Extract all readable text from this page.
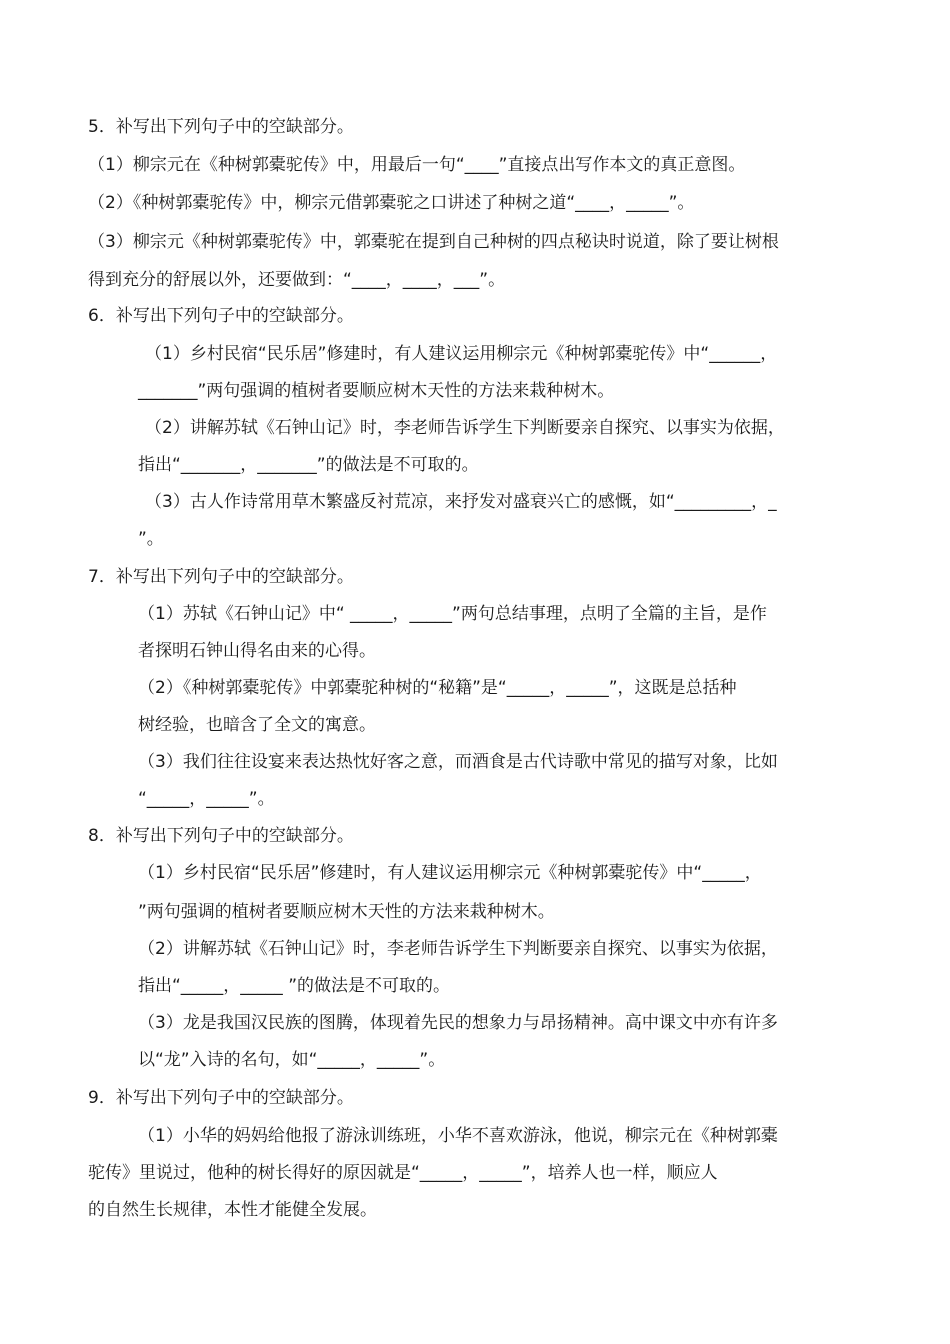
5．补写出下列句子中的空缺部分。
（1）柳宗元在《种树郭橐驼传》中，用最后一句“____”直接点出写作本文的真正意图。
（2）《种树郭橐驼传》中，柳宗元借郭橐驼之口讲述了种树之道“____，_____”。
（3）柳宗元《种树郭橐驼传》中，郭橐驼在提到自己种树的四点秘诀时说道，除了要让树根
得到充分的舒展以外，还要做到：“____，____，___”。
6．补写出下列句子中的空缺部分。
（1）乡村民宿“民乐居”修建时，有人建议运用柳宗元《种树郭橐驼传》中“______，
_______”两句强调的植树者要顺应树木天性的方法来栽种树木。
（2）讲解苏轼《石钟山记》时，李老师告诉学生下判断要亲自探究、以事实为依据，
指出“_______，_______”的做法是不可取的。
（3）古人作诗常用草木繁盛反衬荒凉，来抒发对盛衰兴亡的感慨，如“_________，_
”。
7．补写出下列句子中的空缺部分。
（1）苏轼《石钟山记》中“ _____，_____”两句总结事理，点明了全篇的主旨，是作
者探明石钟山得名由来的心得。
（2）《种树郭橐驼传》中郭橐驼种树的“秘籍”是“_____，_____”，这既是总括种
树经验，也暗含了全文的寓意。
（3）我们往往设宴来表达热忱好客之意，而酒食是古代诗歌中常见的描写对象，比如
“_____，_____”。
8．补写出下列句子中的空缺部分。
（1）乡村民宿“民乐居”修建时，有人建议运用柳宗元《种树郭橐驼传》中“_____，
”两句强调的植树者要顺应树木天性的方法来栽种树木。
（2）讲解苏轼《石钟山记》时，李老师告诉学生下判断要亲自探究、以事实为依据，
指出“_____，_____ ”的做法是不可取的。
（3）龙是我国汉民族的图腾，体现着先民的想象力与昂扬精神。高中课文中亦有许多
以“龙”入诗的名句，如“_____，_____”。
9．补写出下列句子中的空缺部分。
（1）小华的妈妈给他报了游泳训练班，小华不喜欢游泳，他说，柳宗元在《种树郭橐
驼传》里说过，他种的树长得好的原因就是“_____，_____”，培养人也一样，顺应人
的自然生长规律，本性才能健全发展。
